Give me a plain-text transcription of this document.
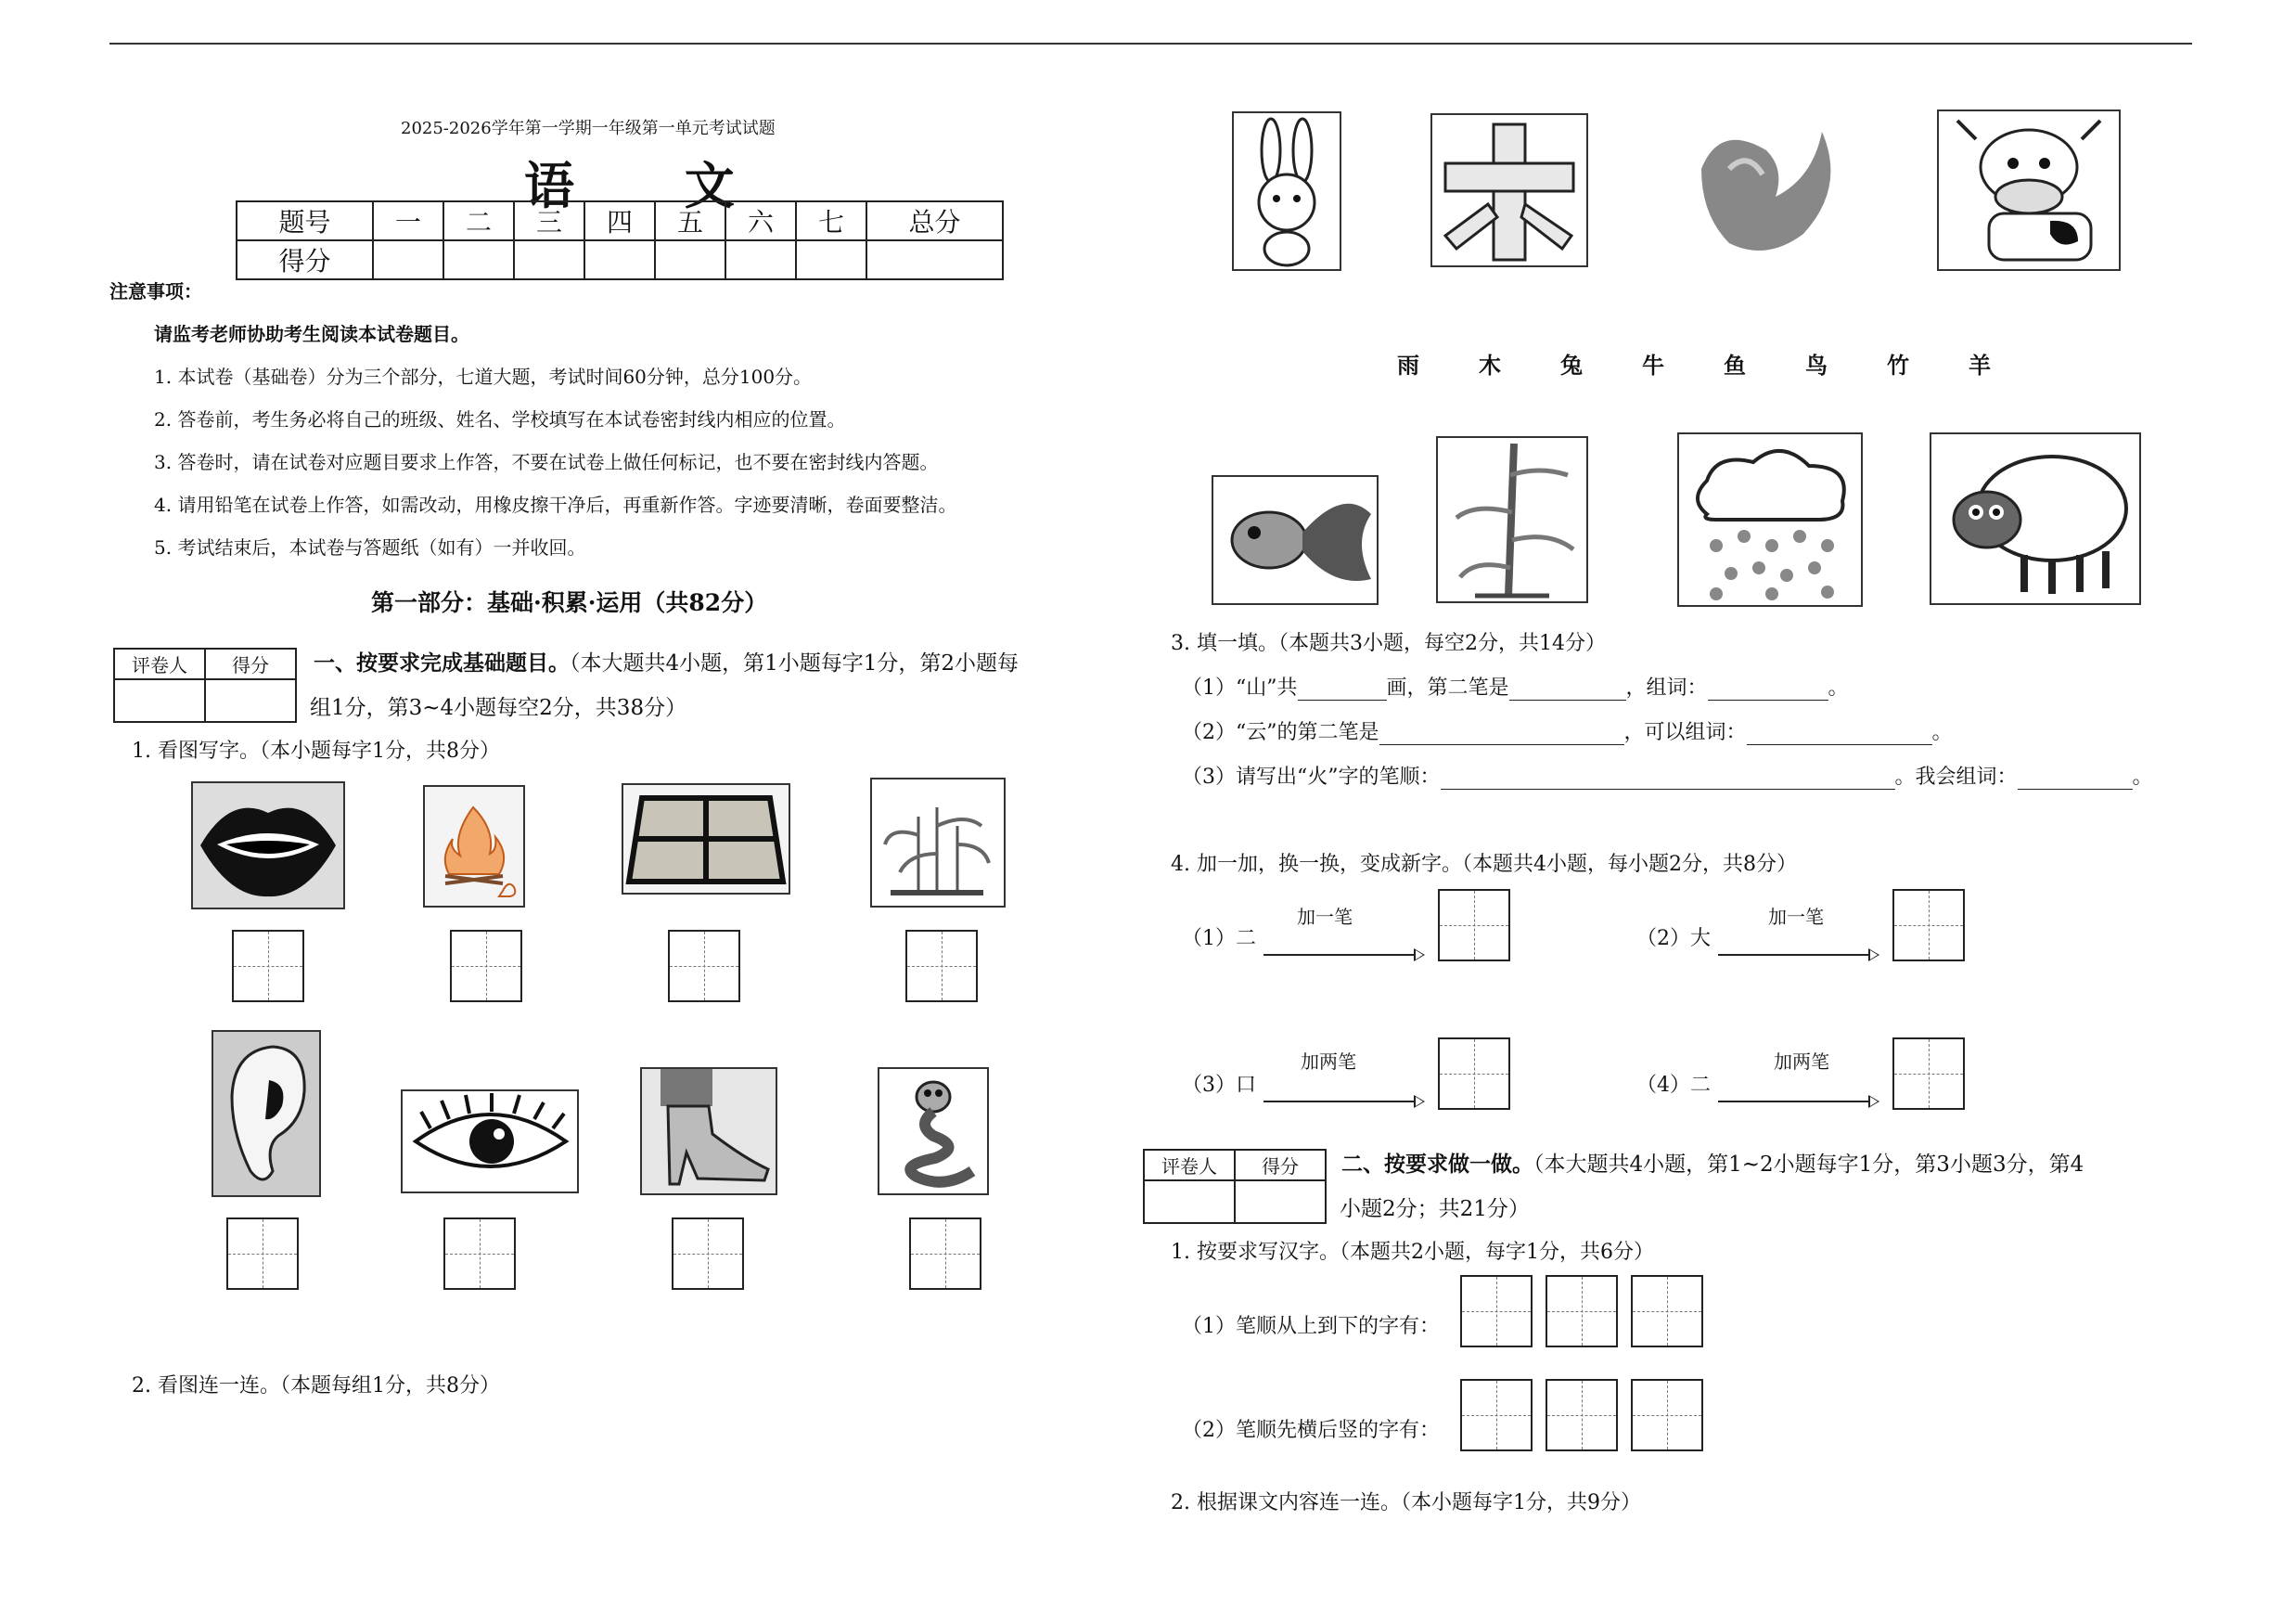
2025-2026学年第一学期一年级第一单元考试试题
语 文
题号	一	二	三	四	五	六	七	总分
得分								
注意事项：
请监考老师协助考生阅读本试卷题目。
1. 本试卷（基础卷）分为三个部分，七道大题，考试时间60分钟，总分100分。
2. 答卷前，考生务必将自己的班级、姓名、学校填写在本试卷密封线内相应的位置。
3. 答卷时，请在试卷对应题目要求上作答，不要在试卷上做任何标记，也不要在密封线内答题。
4. 请用铅笔在试卷上作答，如需改动，用橡皮擦干净后，再重新作答。字迹要清晰，卷面要整洁。
5. 考试结束后，本试卷与答题纸（如有）一并收回。
第一部分：基础·积累·运用（共82分）
评卷人	得分
	一、按要求完成基础题目。（本大题共4小题，第1小题每字1分，第2小题每
组1分，第3~4小题每空2分，共38分）
1. 看图写字。（本小题每字1分，共8分）
2. 看图连一连。（本题每组1分，共8分）
雨	木	兔	牛	鱼	鸟	竹	羊
3. 填一填。（本题共3小题，每空2分，共14分）
（1）“山”共	画，第二笔是	，组词：	。
（2）“云”的第二笔是	，可以组词：	。
（3）请写出“火”字的笔顺：	。我会组词：	。
4. 加一加，换一换，变成新字。（本题共4小题，每小题2分，共8分）
（1）二
加一笔
（2）大
加一笔
（3）口
加两笔
（4）二
加两笔
评卷人	得分
	二、按要求做一做。（本大题共4小题，第1~2小题每字1分，第3小题3分，第4
小题2分；共21分）
1. 按要求写汉字。（本题共2小题，每字1分，共6分）
（1）笔顺从上到下的字有：
（2）笔顺先横后竖的字有：
2. 根据课文内容连一连。（本小题每字1分，共9分）
